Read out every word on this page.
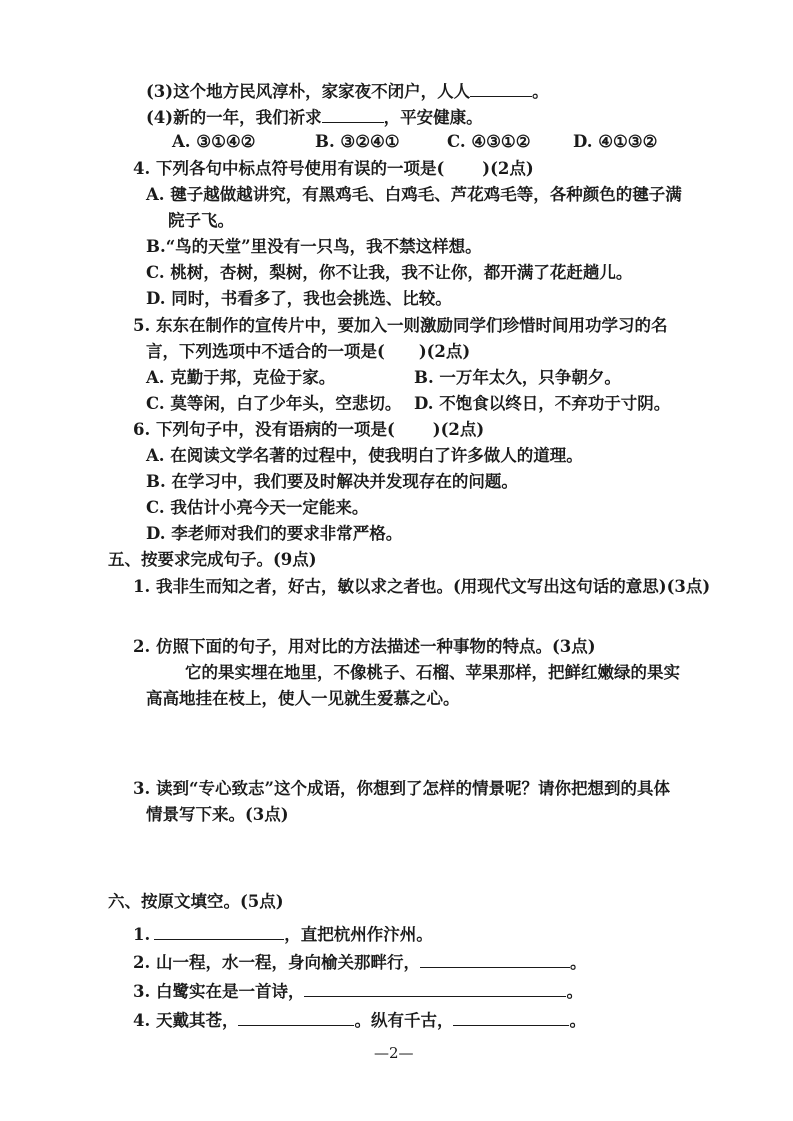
(3)这个地方民风淳朴，家家夜不闭户，人人	。
(4)新的一年，我们祈求	，平安健康。
A. ③①④②	B. ③②④①	C. ④③①②	D. ④①③②
4. 下列各句中标点符号使用有误的一项是( )(2点)
A. 毽子越做越讲究，有黑鸡毛、白鸡毛、芦花鸡毛等，各种颜色的毽子满
院子飞。
B.“鸟的天堂”里没有一只鸟，我不禁这样想。
C. 桃树，杏树，梨树，你不让我，我不让你，都开满了花赶趟儿。
D. 同时，书看多了，我也会挑选、比较。
5. 东东在制作的宣传片中，要加入一则激励同学们珍惜时间用功学习的名
言，下列选项中不适合的一项是( )(2点)
A. 克勤于邦，克俭于家。	B. 一万年太久，只争朝夕。
C. 莫等闲，白了少年头，空悲切。 D. 不饱食以终日，不弃功于寸阴。
6. 下列句子中，没有语病的一项是( )(2点)
A. 在阅读文学名著的过程中，使我明白了许多做人的道理。
B. 在学习中，我们要及时解决并发现存在的问题。
C. 我估计小亮今天一定能来。
D. 李老师对我们的要求非常严格。
五、按要求完成句子。(9点)
1. 我非生而知之者，好古，敏以求之者也。(用现代文写出这句话的意思)(3点)
2. 仿照下面的句子，用对比的方法描述一种事物的特点。(3点)
它的果实埋在地里，不像桃子、石榴、苹果那样，把鲜红嫩绿的果实
高高地挂在枝上，使人一见就生爱慕之心。
3. 读到“专心致志”这个成语，你想到了怎样的情景呢？请你把想到的具体
情景写下来。(3点)
六、按原文填空。(5点)
1.	，直把杭州作汴州。
2. 山一程，水一程，身向榆关那畔行，	。
3. 白鹭实在是一首诗，	。
4. 天戴其苍，	。纵有千古，	。
—2—
